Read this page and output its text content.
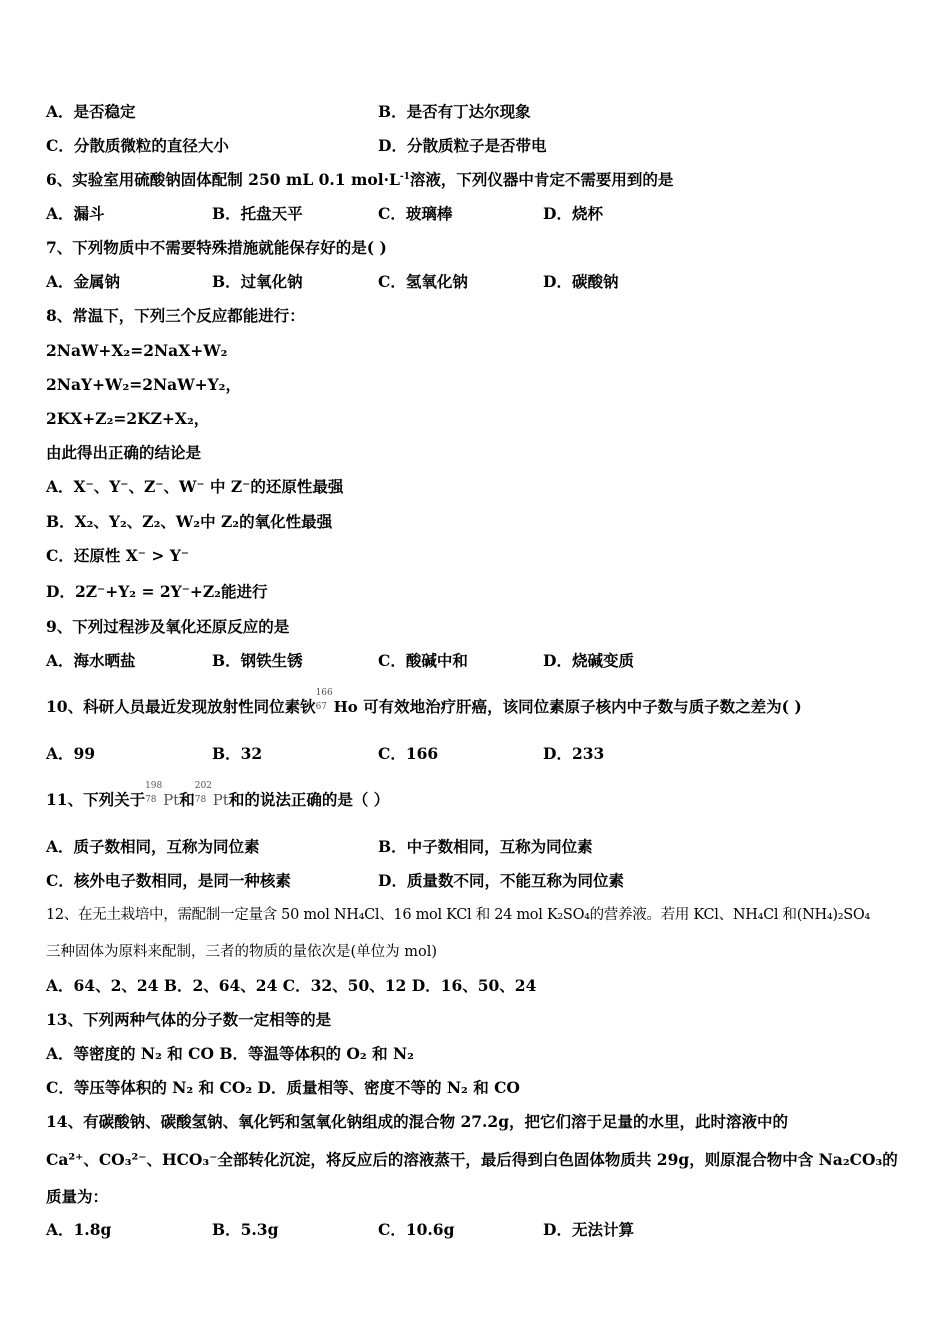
A．是否稳定	B．是否有丁达尔现象
C．分散质微粒的直径大小	D．分散质粒子是否带电
6、实验室用硫酸钠固体配制 250 mL 0.1 $mol\cdot L^{-1}$溶液，下列仪器中肯定不需要用到的是
A．漏斗	B．托盘天平	C．玻璃棒	D．烧杯
7、下列物质中不需要特殊措施就能保存好的是( )
A．金属钠	B．过氧化钠	C．氢氧化钠	D．碳酸钠
8、常温下，下列三个反应都能进行：
2NaW+X₂=2NaX+W₂
2NaY+W₂=2NaW+Y₂，
2KX+Z₂=2KZ+X₂，
由此得出正确的结论是
A．X⁻、Y⁻、Z⁻、W⁻ 中 Z⁻的还原性最强
B．X₂、Y₂、Z₂、W₂中 Z₂的氧化性最强
C．还原性 X⁻ > Y⁻
D．2Z⁻+Y₂ = 2Y⁻+Z₂能进行
9、下列过程涉及氧化还原反应的是
A．海水晒盐	B．钢铁生锈	C．酸碱中和	D．烧碱变质
10、科研人员最近发现放射性同位素钬
166
67 Ho 可有效地治疗肝癌，该同位素原子核内中子数与质子数之差为( )
A．99	B．32	C．166	D．233
11、下列关于
198
78 Pt和
202
78 Pt和的说法正确的是（ ）
A．质子数相同，互称为同位素	B．中子数相同，互称为同位素
C．核外电子数相同，是同一种核素	D．质量数不同，不能互称为同位素
12、在无土栽培中，需配制一定量含 50 mol NH₄Cl、16 mol KCl 和 24 mol K₂SO₄的营养液。若用 KCl、NH₄Cl 和(NH₄)₂SO₄
三种固体为原料来配制，三者的物质的量依次是(单位为 mol)
A．64、2、24 B．2、64、24 C．32、50、12 D．16、50、24
13、下列两种气体的分子数一定相等的是
A．等密度的 N₂ 和 CO B．等温等体积的 O₂ 和 N₂
C．等压等体积的 N₂ 和 CO₂ D．质量相等、密度不等的 N₂ 和 CO
14、有碳酸钠、碳酸氢钠、氧化钙和氢氧化钠组成的混合物 27.2g，把它们溶于足量的水里，此时溶液中的
Ca²⁺、CO₃²⁻、HCO₃⁻全部转化沉淀，将反应后的溶液蒸干，最后得到白色固体物质共 29g，则原混合物中含 Na₂CO₃的
质量为：
A．1.8g	B．5.3g	C．10.6g	D．无法计算
